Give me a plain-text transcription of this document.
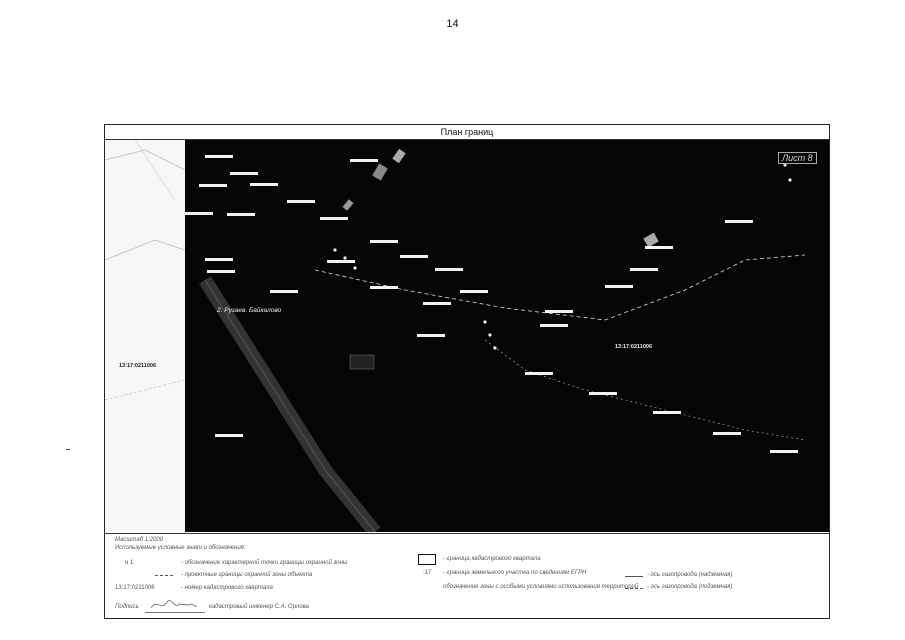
14
План границ
13:17:0211006
Лист 8
2. Рузаев. Байкалово
13:17:0211006
Масштаб 1:2000
Используемые условные знаки и обозначения:
н 1	- обозначение характерной точки границы охранной зоны
- проектные границы охранной зоны объекта
13:17:0211006	- номер кадастрового квартала
- граница кадастрового квартала
:17 - граница земельного участка по сведениям ЕГРН
обозначение зоны с особыми условиями использования территорий
- ось газопровода (надземная)
- ось газопровода (подземная)
Подпись	кадастровый инженер С.А. Орлова
